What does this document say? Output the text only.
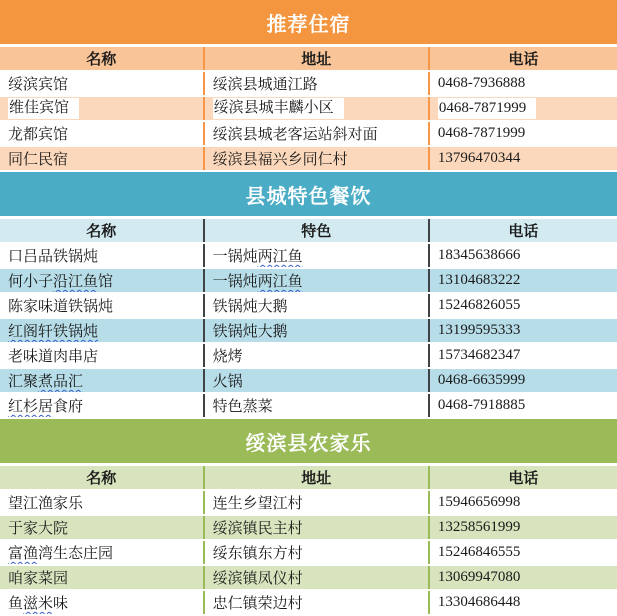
推荐住宿
名称	地址	电话
绥滨宾馆	绥滨县城通江路	0468-7936888
维佳宾馆	绥滨县城丰麟小区	0468-7871999
龙都宾馆	绥滨县城老客运站斜对面	0468-7871999
同仁民宿	绥滨县福兴乡同仁村	13796470344
县城特色餐饮
名称	特色	电话
口吕品铁锅炖	一锅炖两江鱼	18345638666
何小子沿江鱼馆	一锅炖两江鱼	13104683222
陈家味道铁锅炖	铁锅炖大鹅	15246826055
红阁轩铁锅炖	铁锅炖大鹅	13199595333
老味道肉串店	烧烤	15734682347
汇聚煮品汇	火锅	0468-6635999
红杉居食府	特色蒸菜	0468-7918885
绥滨县农家乐
名称	地址	电话
望江渔家乐	连生乡望江村	15946656998
于家大院	绥滨镇民主村	13258561999
富渔湾生态庄园	绥东镇东方村	15246846555
咱家菜园	绥滨镇凤仪村	13069947080
鱼滋米味	忠仁镇荣边村	13304686448
